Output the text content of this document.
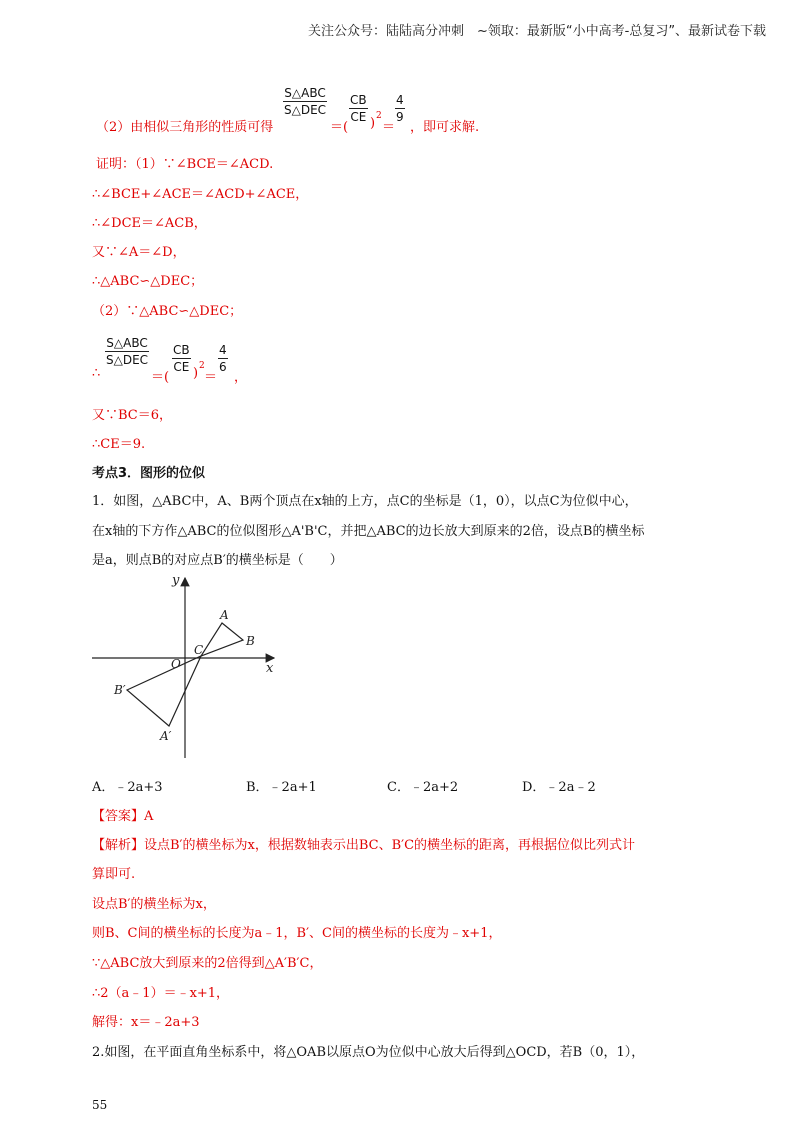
关注公众号：陆陆高分冲刺　~领取：最新版“小中高考-总复习”、最新试卷下载
（2）由相似三角形的性质可得
S△ABC
S△DEC
＝(
CB
CE ) 2
＝
4
9
，即可求解.
证明：（1）∵∠BCE＝∠ACD.
∴∠BCE+∠ACE＝∠ACD+∠ACE，
∴∠DCE＝∠ACB，
又∵∠A＝∠D，
∴△ABC∽△DEC；
（2）∵△ABC∽△DEC；
∴
S△ABC
S△DEC
＝(
CB
CE ) 2
＝
4
6
，
又∵BC＝6，
∴CE＝9.
考点3．图形的位似
1．如图，△ABC中，A、B两个顶点在x轴的上方，点C的坐标是（1，0），以点C为位似中心，
在x轴的下方作△ABC的位似图形△A'B'C，并把△ABC的边长放大到原来的2倍，设点B的横坐标
是a，则点B的对应点B′的横坐标是（　　）
y
x
O
C
A
B
B′
A′
A．﹣2a+3	B．﹣2a+1	C．﹣2a+2	D．﹣2a﹣2
【答案】A
【解析】设点B′的横坐标为x，根据数轴表示出BC、B′C的横坐标的距离，再根据位似比列式计
算即可.
设点B′的横坐标为x，
则B、C间的横坐标的长度为a﹣1，B′、C间的横坐标的长度为﹣x+1，
∵△ABC放大到原来的2倍得到△A′B′C，
∴2（a﹣1）＝﹣x+1，
解得：x＝﹣2a+3
2.如图，在平面直角坐标系中，将△OAB以原点O为位似中心放大后得到△OCD，若B（0，1），
55
